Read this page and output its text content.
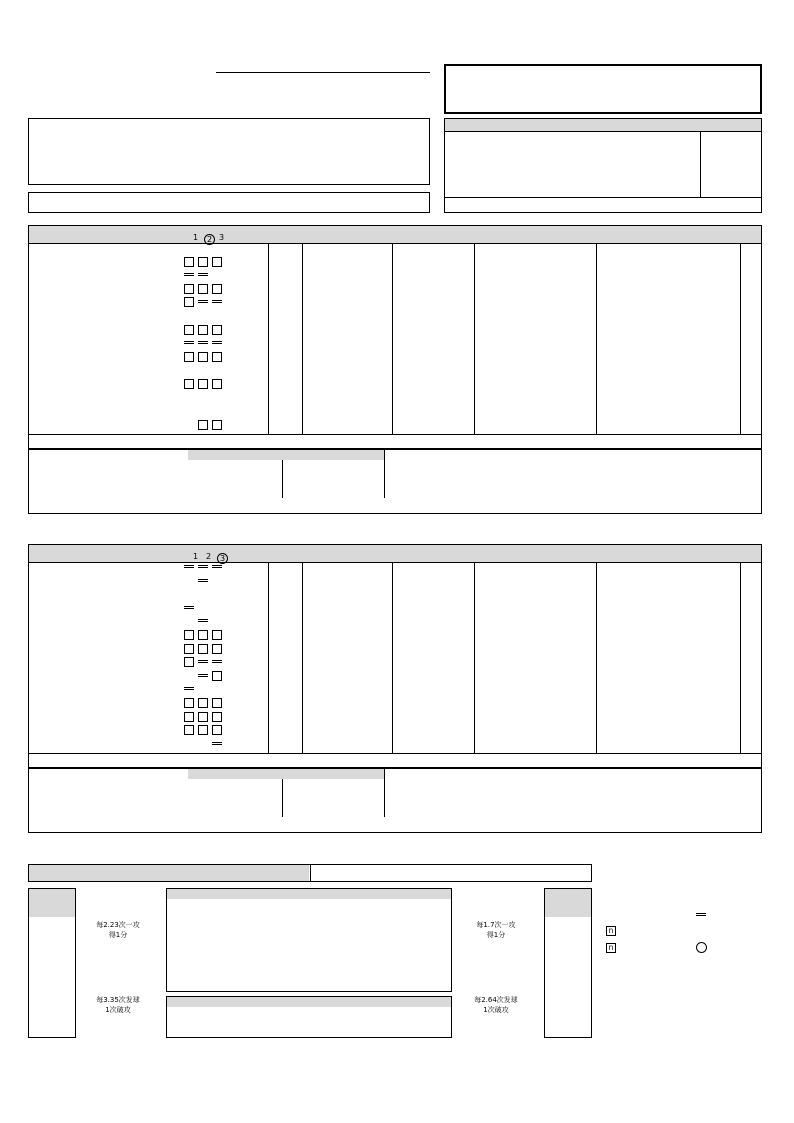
1	2 3
1 2	3
每2.23次一攻
得1分
每3.35次发球
1次破攻
每1.7次一攻
得1分
每2.64次发球
1次破攻
n
n
